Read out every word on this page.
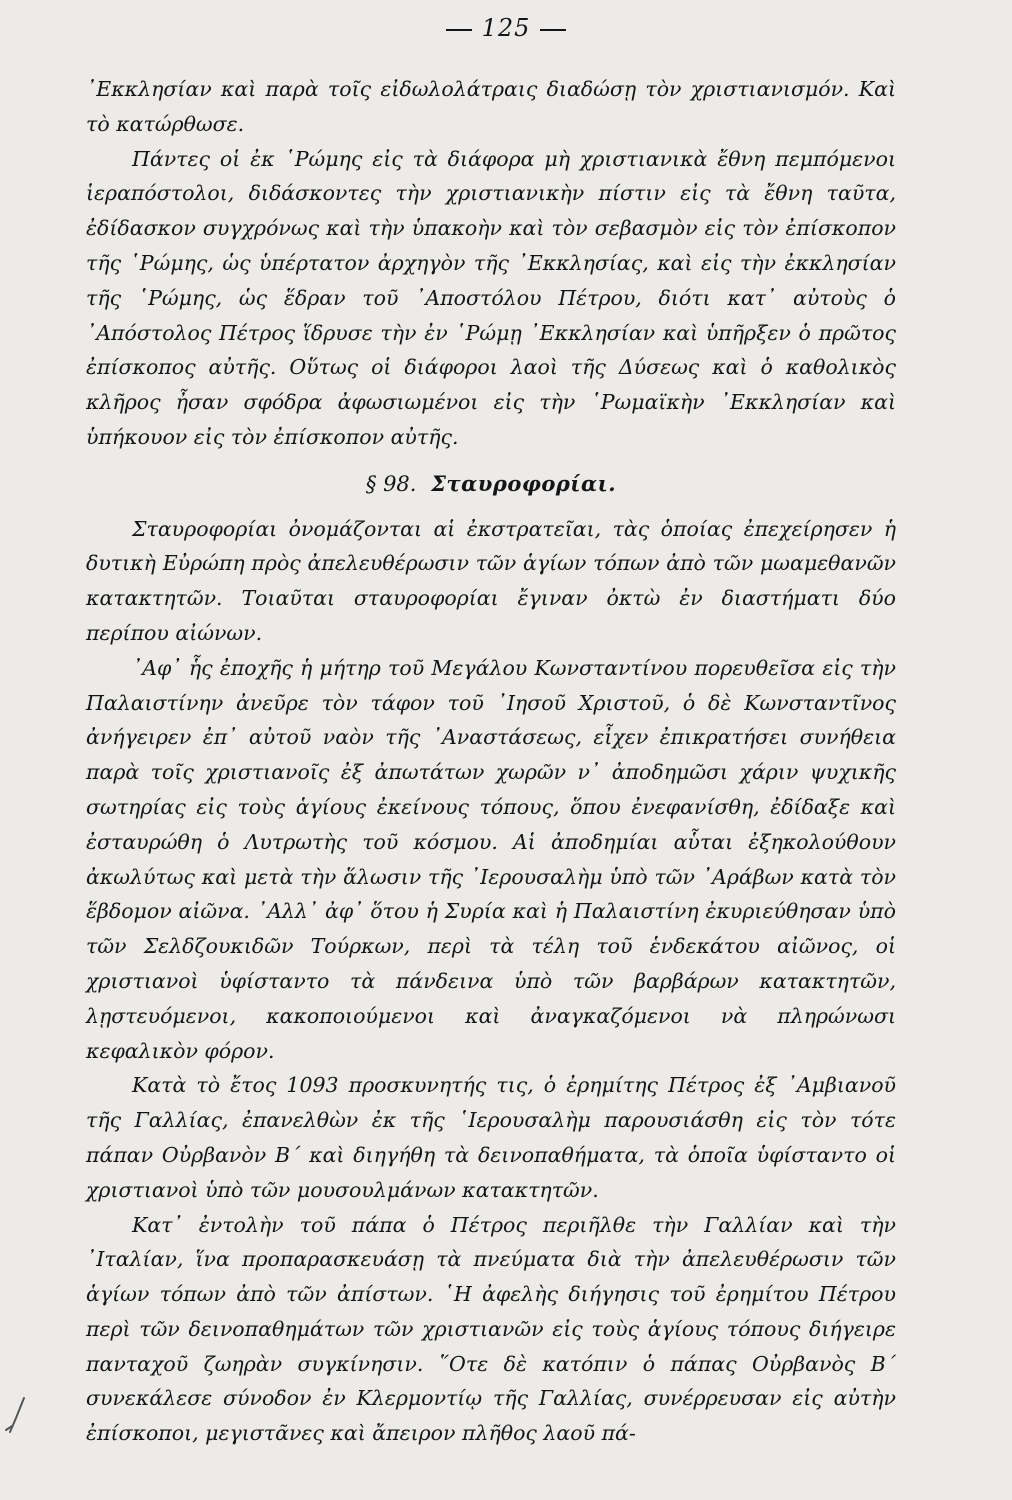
125

᾿Εκκλησίαν καὶ παρὰ τοῖς εἰδωλολάτραις διαδώσῃ τὸν χριστιανισμόν. Καὶ τὸ κατώρθωσε.

Πάντες οἱ ἐκ ῾Ρώμης εἰς τὰ διάφορα μὴ χριστιανικὰ ἔθνη πεμπόμενοι ἱεραπόστολοι, διδάσκοντες τὴν χριστιανικὴν πίστιν εἰς τὰ ἔθνη ταῦτα, ἐδίδασκον συγχρόνως καὶ τὴν ὑπακοὴν καὶ τὸν σεβασμὸν εἰς τὸν ἐπίσκοπον τῆς ῾Ρώμης, ὡς ὑπέρτατον ἀρχηγὸν τῆς ᾿Εκκλησίας, καὶ εἰς τὴν ἐκκλησίαν τῆς ῾Ρώμης, ὡς ἕδραν τοῦ ᾿Αποστόλου Πέτρου, διότι κατ᾿ αὐτοὺς ὁ ᾿Απόστολος Πέτρος ἵδρυσε τὴν ἐν ῾Ρώμῃ ᾿Εκκλησίαν καὶ ὑπῆρξεν ὁ πρῶτος ἐπίσκοπος αὐτῆς. Οὕτως οἱ διάφοροι λαοὶ τῆς Δύσεως καὶ ὁ καθολικὸς κλῆρος ἦσαν σφόδρα ἀφωσιωμένοι εἰς τὴν ῾Ρωμαϊκὴν ᾿Εκκλησίαν καὶ ὑπήκουον εἰς τὸν ἐπίσκοπον αὐτῆς.

§ 98. Σταυροφορίαι.

Σταυροφορίαι ὀνομάζονται αἱ ἐκστρατεῖαι, τὰς ὁποίας ἐπεχείρησεν ἡ δυτικὴ Εὐρώπη πρὸς ἀπελευθέρωσιν τῶν ἁγίων τόπων ἀπὸ τῶν μωαμεθανῶν κατακτητῶν. Τοιαῦται σταυροφορίαι ἔγιναν ὀκτὼ ἐν διαστήματι δύο περίπου αἰώνων.

᾿Αφ᾿ ἧς ἐποχῆς ἡ μήτηρ τοῦ Μεγάλου Κωνσταντίνου πορευθεῖσα εἰς τὴν Παλαιστίνην ἀνεῦρε τὸν τάφον τοῦ ᾿Ιησοῦ Χριστοῦ, ὁ δὲ Κωνσταντῖνος ἀνήγειρεν ἐπ᾿ αὐτοῦ ναὸν τῆς ᾿Αναστάσεως, εἶχεν ἐπικρατήσει συνήθεια παρὰ τοῖς χριστιανοῖς ἐξ ἀπωτάτων χωρῶν ν᾿ ἀποδημῶσι χάριν ψυχικῆς σωτηρίας εἰς τοὺς ἁγίους ἐκείνους τόπους, ὅπου ἐνεφανίσθη, ἐδίδαξε καὶ ἐσταυρώθη ὁ Λυτρωτὴς τοῦ κόσμου. Αἱ ἀποδημίαι αὗται ἐξηκολούθουν ἀκωλύτως καὶ μετὰ τὴν ἅλωσιν τῆς ᾿Ιερουσαλὴμ ὑπὸ τῶν ᾿Αράβων κατὰ τὸν ἕβδομον αἰῶνα. ᾿Αλλ᾿ ἀφ᾿ ὅτου ἡ Συρία καὶ ἡ Παλαιστίνη ἐκυριεύθησαν ὑπὸ τῶν Σελδζουκιδῶν Τούρκων, περὶ τὰ τέλη τοῦ ἑνδεκάτου αἰῶνος, οἱ χριστιανοὶ ὑφίσταντο τὰ πάνδεινα ὑπὸ τῶν βαρβάρων κατακτητῶν, λῃστευόμενοι, κακοποιούμενοι καὶ ἀναγκαζόμενοι νὰ πληρώνωσι κεφαλικὸν φόρον.

Κατὰ τὸ ἔτος 1093 προσκυνητής τις, ὁ ἐρημίτης Πέτρος ἐξ ᾿Αμβιανοῦ τῆς Γαλλίας, ἐπανελθὼν ἐκ τῆς ῾Ιερουσαλὴμ παρουσιάσθη εἰς τὸν τότε πάπαν Οὐρβανὸν Β΄ καὶ διηγήθη τὰ δεινοπαθήματα, τὰ ὁποῖα ὑφίσταντο οἱ χριστιανοὶ ὑπὸ τῶν μουσουλμάνων κατακτητῶν.

Κατ᾿ ἐντολὴν τοῦ πάπα ὁ Πέτρος περιῆλθε τὴν Γαλλίαν καὶ τὴν ᾿Ιταλίαν, ἵνα προπαρασκευάσῃ τὰ πνεύματα διὰ τὴν ἀπελευθέρωσιν τῶν ἁγίων τόπων ἀπὸ τῶν ἀπίστων. ῾Η ἀφελὴς διήγησις τοῦ ἐρημίτου Πέτρου περὶ τῶν δεινοπαθημάτων τῶν χριστιανῶν εἰς τοὺς ἁγίους τόπους διήγειρε πανταχοῦ ζωηρὰν συγκίνησιν. ῞Οτε δὲ κατόπιν ὁ πάπας Οὐρβανὸς Β΄ συνεκάλεσε σύνοδον ἐν Κλερμοντίῳ τῆς Γαλλίας, συνέρρευσαν εἰς αὐτὴν ἐπίσκοποι, μεγιστᾶνες καὶ ἄπειρον πλῆθος λαοῦ πά-
